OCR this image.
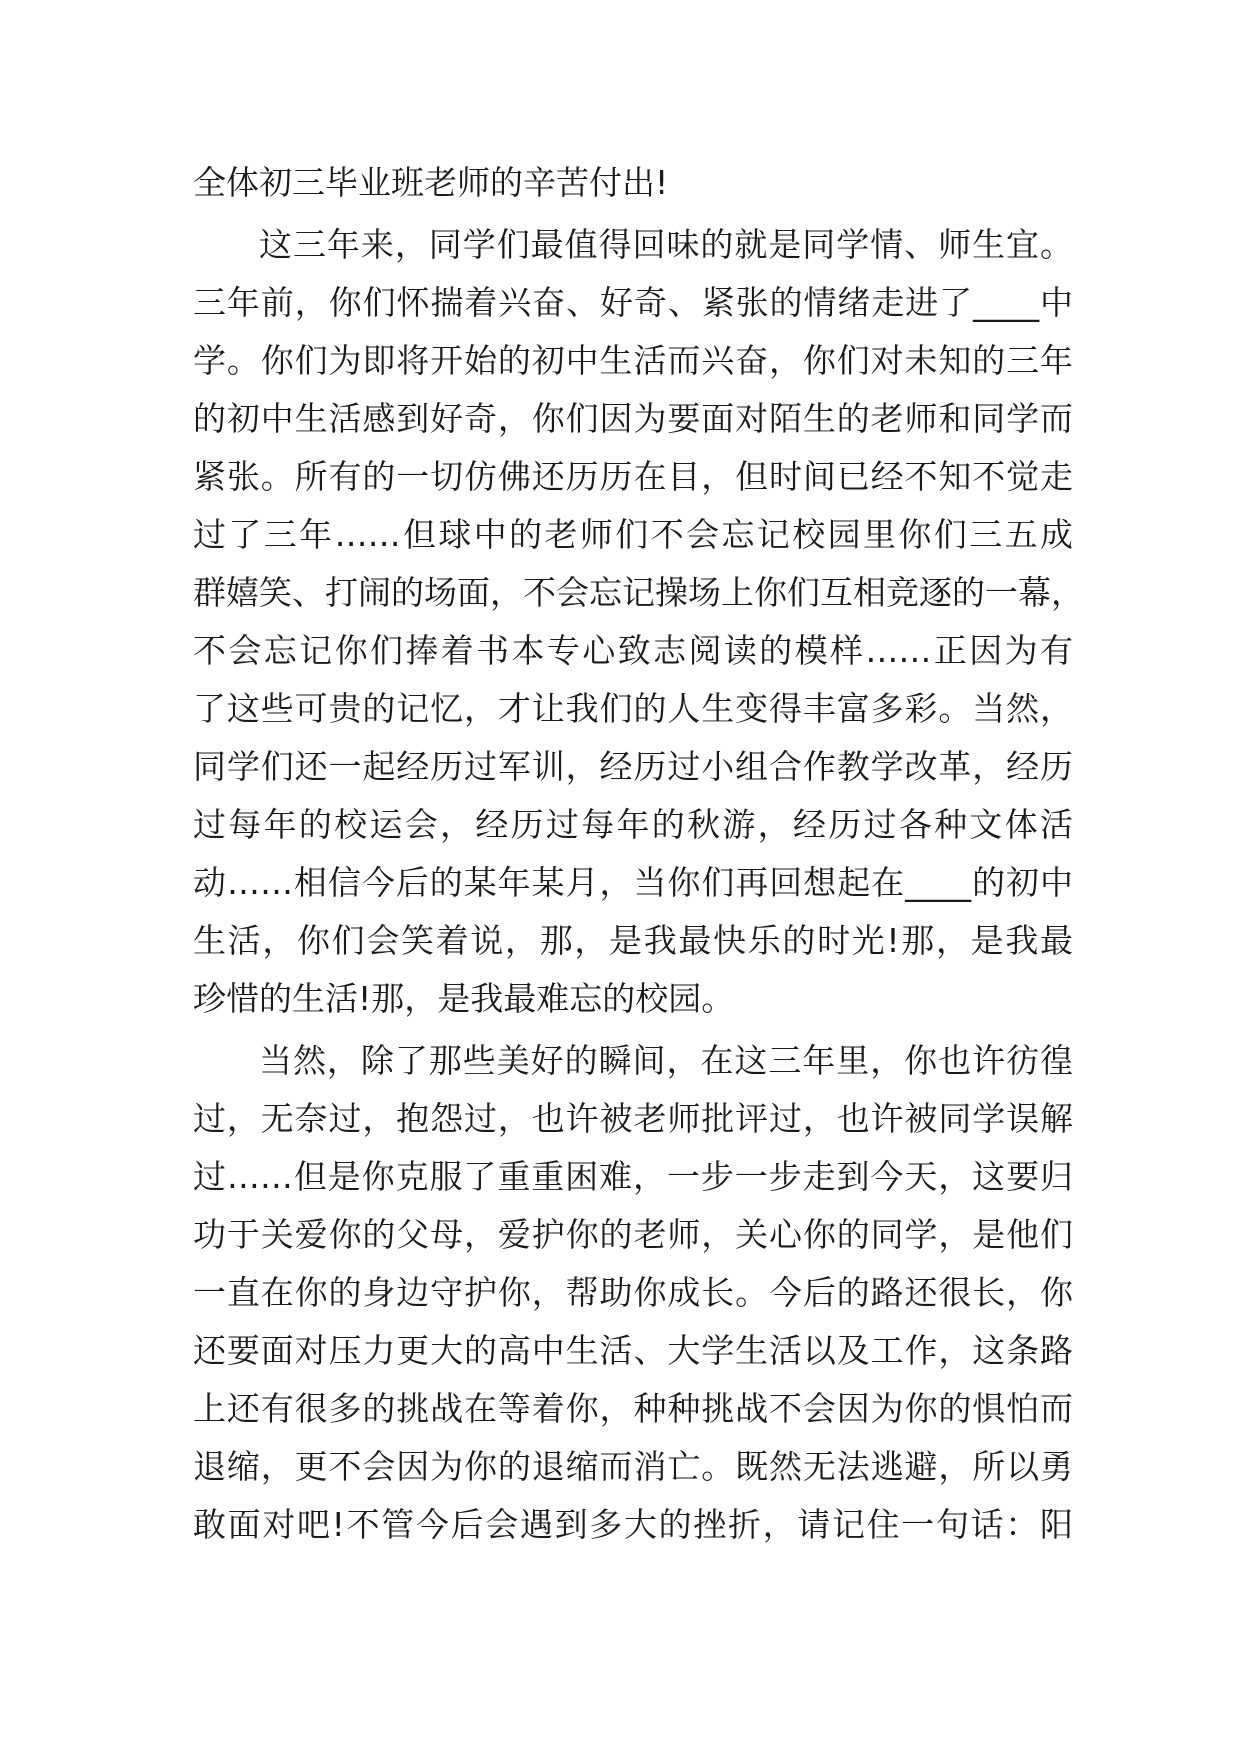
全体初三毕业班老师的辛苦付出!
这三年来，同学们最值得回味的就是同学情、师生宜。
三年前，你们怀揣着兴奋、好奇、紧张的情绪走进了____中
学。你们为即将开始的初中生活而兴奋，你们对未知的三年
的初中生活感到好奇，你们因为要面对陌生的老师和同学而
紧张。所有的一切仿佛还历历在目，但时间已经不知不觉走
过了三年……但球中的老师们不会忘记校园里你们三五成
群嬉笑、打闹的场面，不会忘记操场上你们互相竞逐的一幕，
不会忘记你们捧着书本专心致志阅读的模样……正因为有
了这些可贵的记忆，才让我们的人生变得丰富多彩。当然，
同学们还一起经历过军训，经历过小组合作教学改革，经历
过每年的校运会，经历过每年的秋游，经历过各种文体活
动……相信今后的某年某月，当你们再回想起在____的初中
生活，你们会笑着说，那，是我最快乐的时光!那，是我最
珍惜的生活!那，是我最难忘的校园。
当然，除了那些美好的瞬间，在这三年里，你也许彷徨
过，无奈过，抱怨过，也许被老师批评过，也许被同学误解
过……但是你克服了重重困难，一步一步走到今天，这要归
功于关爱你的父母，爱护你的老师，关心你的同学，是他们
一直在你的身边守护你，帮助你成长。今后的路还很长，你
还要面对压力更大的高中生活、大学生活以及工作，这条路
上还有很多的挑战在等着你，种种挑战不会因为你的惧怕而
退缩，更不会因为你的退缩而消亡。既然无法逃避，所以勇
敢面对吧!不管今后会遇到多大的挫折，请记住一句话：阳
